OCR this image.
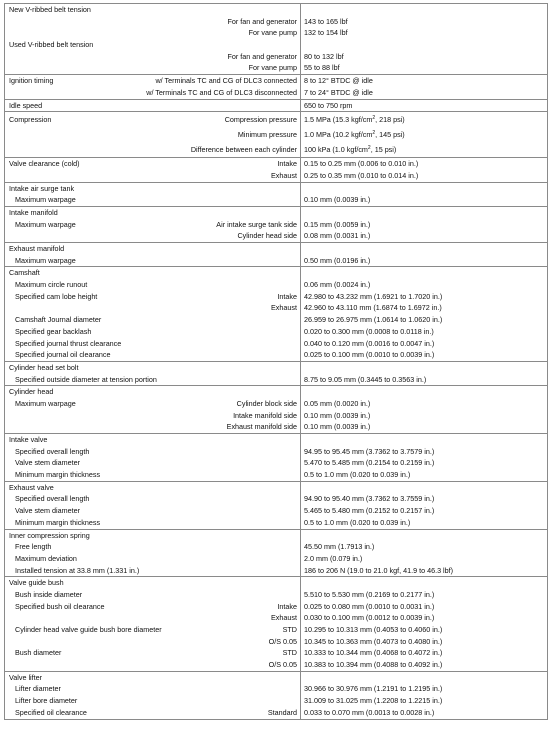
New V-ribbed belt tension
For fan and generator 143 to 165 lbf
For vane pump 132 to 154 lbf
Used V-ribbed belt tension
For fan and generator 80 to 132 lbf
For vane pump 55 to 88 lbf
Ignition timing	w/ Terminals TC and CG of DLC3 connected 8 to 12° BTDC @ idle
w/ Terminals TC and CG of DLC3 disconnected 7 to 24° BTDC @ idle
Idle speed	650 to 750 rpm
Compression	Compression pressure 1.5 MPa (15.3 kgf/$cm^2$, 218 psi)
Minimum pressure 1.0 MPa (10.2 kgf/$cm^2$, 145 psi)
Difference between each cylinder 100 kPa (1.0 kgf/$cm^2$, 15 psi)
Valve clearance (cold)	Intake 0.15 to 0.25 mm (0.006 to 0.010 in.)
Exhaust 0.25 to 0.35 mm (0.010 to 0.014 in.)
Intake air surge tank
Maximum warpage	0.10 mm (0.0039 in.)
Intake manifold
Maximum warpage	Air intake surge tank side 0.15 mm (0.0059 in.)
Cylinder head side 0.08 mm (0.0031 in.)
Exhaust manifold
Maximum warpage	0.50 mm (0.0196 in.)
Camshaft
Maximum circle runout	0.06 mm (0.0024 in.)
Specified cam lobe height	Intake 42.980 to 43.232 mm (1.6921 to 1.7020 in.)
Exhaust 42.960 to 43.110 mm (1.6874 to 1.6972 in.)
Camshaft Journal diameter	26.959 to 26.975 mm (1.0614 to 1.0620 in.)
Specified gear backlash	0.020 to 0.300 mm (0.0008 to 0.0118 in.)
Specified journal thrust clearance	0.040 to 0.120 mm (0.0016 to 0.0047 in.)
Specified journal oil clearance	0.025 to 0.100 mm (0.0010 to 0.0039 in.)
Cylinder head set bolt
Specified outside diameter at tension portion	8.75 to 9.05 mm (0.3445 to 0.3563 in.)
Cylinder head
Maximum warpage	Cylinder block side 0.05 mm (0.0020 in.)
Intake manifold side 0.10 mm (0.0039 in.)
Exhaust manifold side 0.10 mm (0.0039 in.)
Intake valve
Specified overall length	94.95 to 95.45 mm (3.7362 to 3.7579 in.)
Valve stem diameter	5.470 to 5.485 mm (0.2154 to 0.2159 in.)
Minimum margin thickness	0.5 to 1.0 mm (0.020 to 0.039 in.)
Exhaust valve
Specified overall length	94.90 to 95.40 mm (3.7362 to 3.7559 in.)
Valve stem diameter	5.465 to 5.480 mm (0.2152 to 0.2157 in.)
Minimum margin thickness	0.5 to 1.0 mm (0.020 to 0.039 in.)
Inner compression spring
Free length	45.50 mm (1.7913 in.)
Maximum deviation	2.0 mm (0.079 in.)
Installed tension at 33.8 mm (1.331 in.)	186 to 206 N (19.0 to 21.0 kgf, 41.9 to 46.3 lbf)
Valve guide bush
Bush inside diameter	5.510 to 5.530 mm (0.2169 to 0.2177 in.)
Specified bush oil clearance	Intake 0.025 to 0.080 mm (0.0010 to 0.0031 in.)
Exhaust 0.030 to 0.100 mm (0.0012 to 0.0039 in.)
Cylinder head valve guide bush bore diameter	STD 10.295 to 10.313 mm (0.4053 to 0.4060 in.)
O/S 0.05 10.345 to 10.363 mm (0.4073 to 0.4080 in.)
Bush diameter	STD 10.333 to 10.344 mm (0.4068 to 0.4072 in.)
O/S 0.05 10.383 to 10.394 mm (0.4088 to 0.4092 in.)
Valve lifter
Lifter diameter	30.966 to 30.976 mm (1.2191 to 1.2195 in.)
Lifter bore diameter	31.009 to 31.025 mm (1.2208 to 1.2215 in.)
Specified oil clearance	Standard 0.033 to 0.070 mm (0.0013 to 0.0028 in.)
